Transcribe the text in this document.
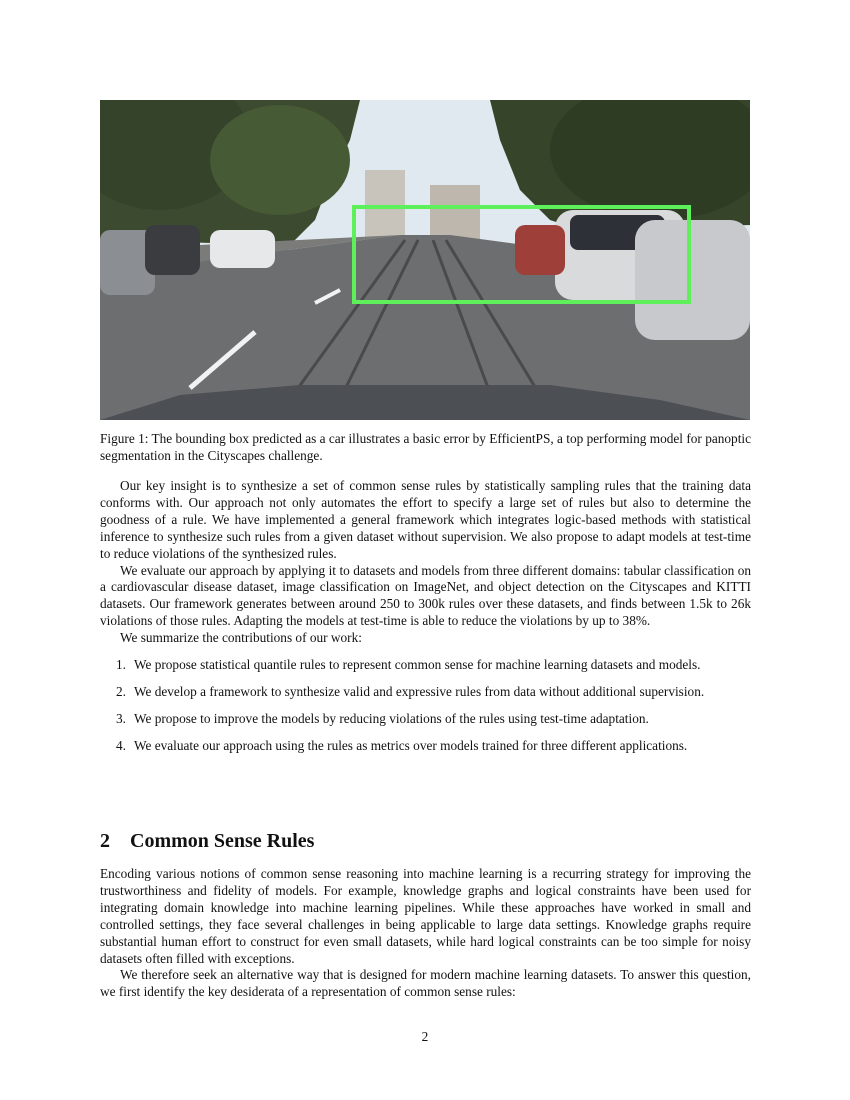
Figure 1: The bounding box predicted as a car illustrates a basic error by EfficientPS, a top performing model for panoptic segmentation in the Cityscapes challenge.

Our key insight is to synthesize a set of common sense rules by statistically sampling rules that the training data conforms with. Our approach not only automates the effort to specify a large set of rules but also to determine the goodness of a rule. We have implemented a general framework which integrates logic-based methods with statistical inference to synthesize such rules from a given dataset without supervision. We also propose to adapt models at test-time to reduce violations of the synthesized rules.

We evaluate our approach by applying it to datasets and models from three different domains: tabular classification on a cardiovascular disease dataset, image classification on ImageNet, and object detection on the Cityscapes and KITTI datasets. Our framework generates between around 250 to 300k rules over these datasets, and finds between 1.5k to 26k violations of those rules. Adapting the models at test-time is able to reduce the violations by up to 38%.

We summarize the contributions of our work:

1. We propose statistical quantile rules to represent common sense for machine learning datasets and models.
2. We develop a framework to synthesize valid and expressive rules from data without additional supervision.
3. We propose to improve the models by reducing violations of the rules using test-time adaptation.
4. We evaluate our approach using the rules as metrics over models trained for three different applications.
2 Common Sense Rules

Encoding various notions of common sense reasoning into machine learning is a recurring strategy for improving the trustworthiness and fidelity of models. For example, knowledge graphs and logical constraints have been used for integrating domain knowledge into machine learning pipelines. While these approaches have worked in small and controlled settings, they face several challenges in being applicable to large data settings. Knowledge graphs require substantial human effort to construct for even small datasets, while hard logical constraints can be too simple for noisy datasets often filled with exceptions.

We therefore seek an alternative way that is designed for modern machine learning datasets. To answer this question, we first identify the key desiderata of a representation of common sense rules:

2
